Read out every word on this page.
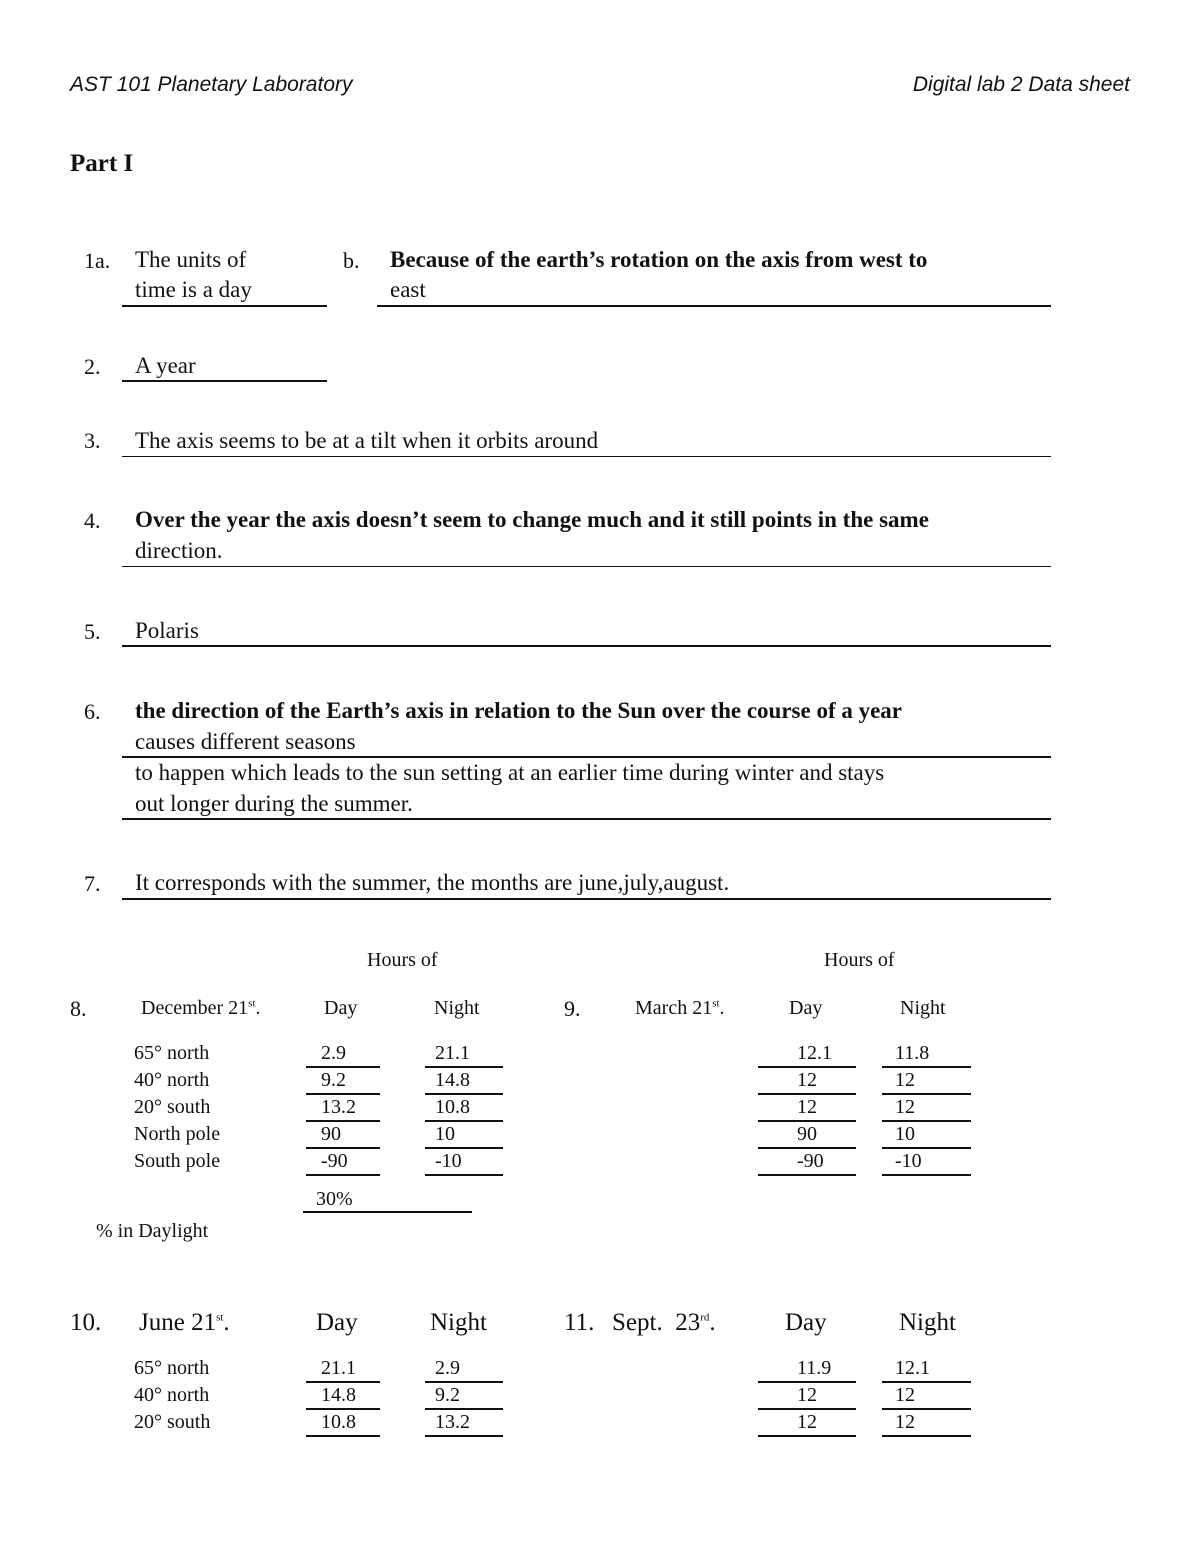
AST 101 Planetary Laboratory	Digital lab 2 Data sheet
Part I
1a. The units of
time is a day
b. Because of the earth’s rotation on the axis from west to
east
2. A year
3. The axis seems to be at a tilt when it orbits around
4. Over the year the axis doesn’t seem to change much and it still points in the same
direction.
5. Polaris
6. the direction of the Earth’s axis in relation to the Sun over the course of a year
causes different seasons
to happen which leads to the sun setting at an earlier time during winter and stays
out longer during the summer.
7. It corresponds with the summer, the months are june,july,august.
Hours of
8.	December 21st.	Day	Night
65° north	2.9	21.1
40° north	9.2	14.8
20° south	13.2	10.8
North pole	90	10
South pole	-90	-10
30%
% in Daylight
Hours of
9.	March 21st.	Day	Night
12.1	11.8
12	12
12	12
90	10
-90	-10
10. June 21st.	Day	Night
65° north	21.1	2.9
40° north	14.8	9.2
20° south	10.8	13.2
11. Sept.  23rd.	Day	Night
11.9	12.1
12	12
12	12
